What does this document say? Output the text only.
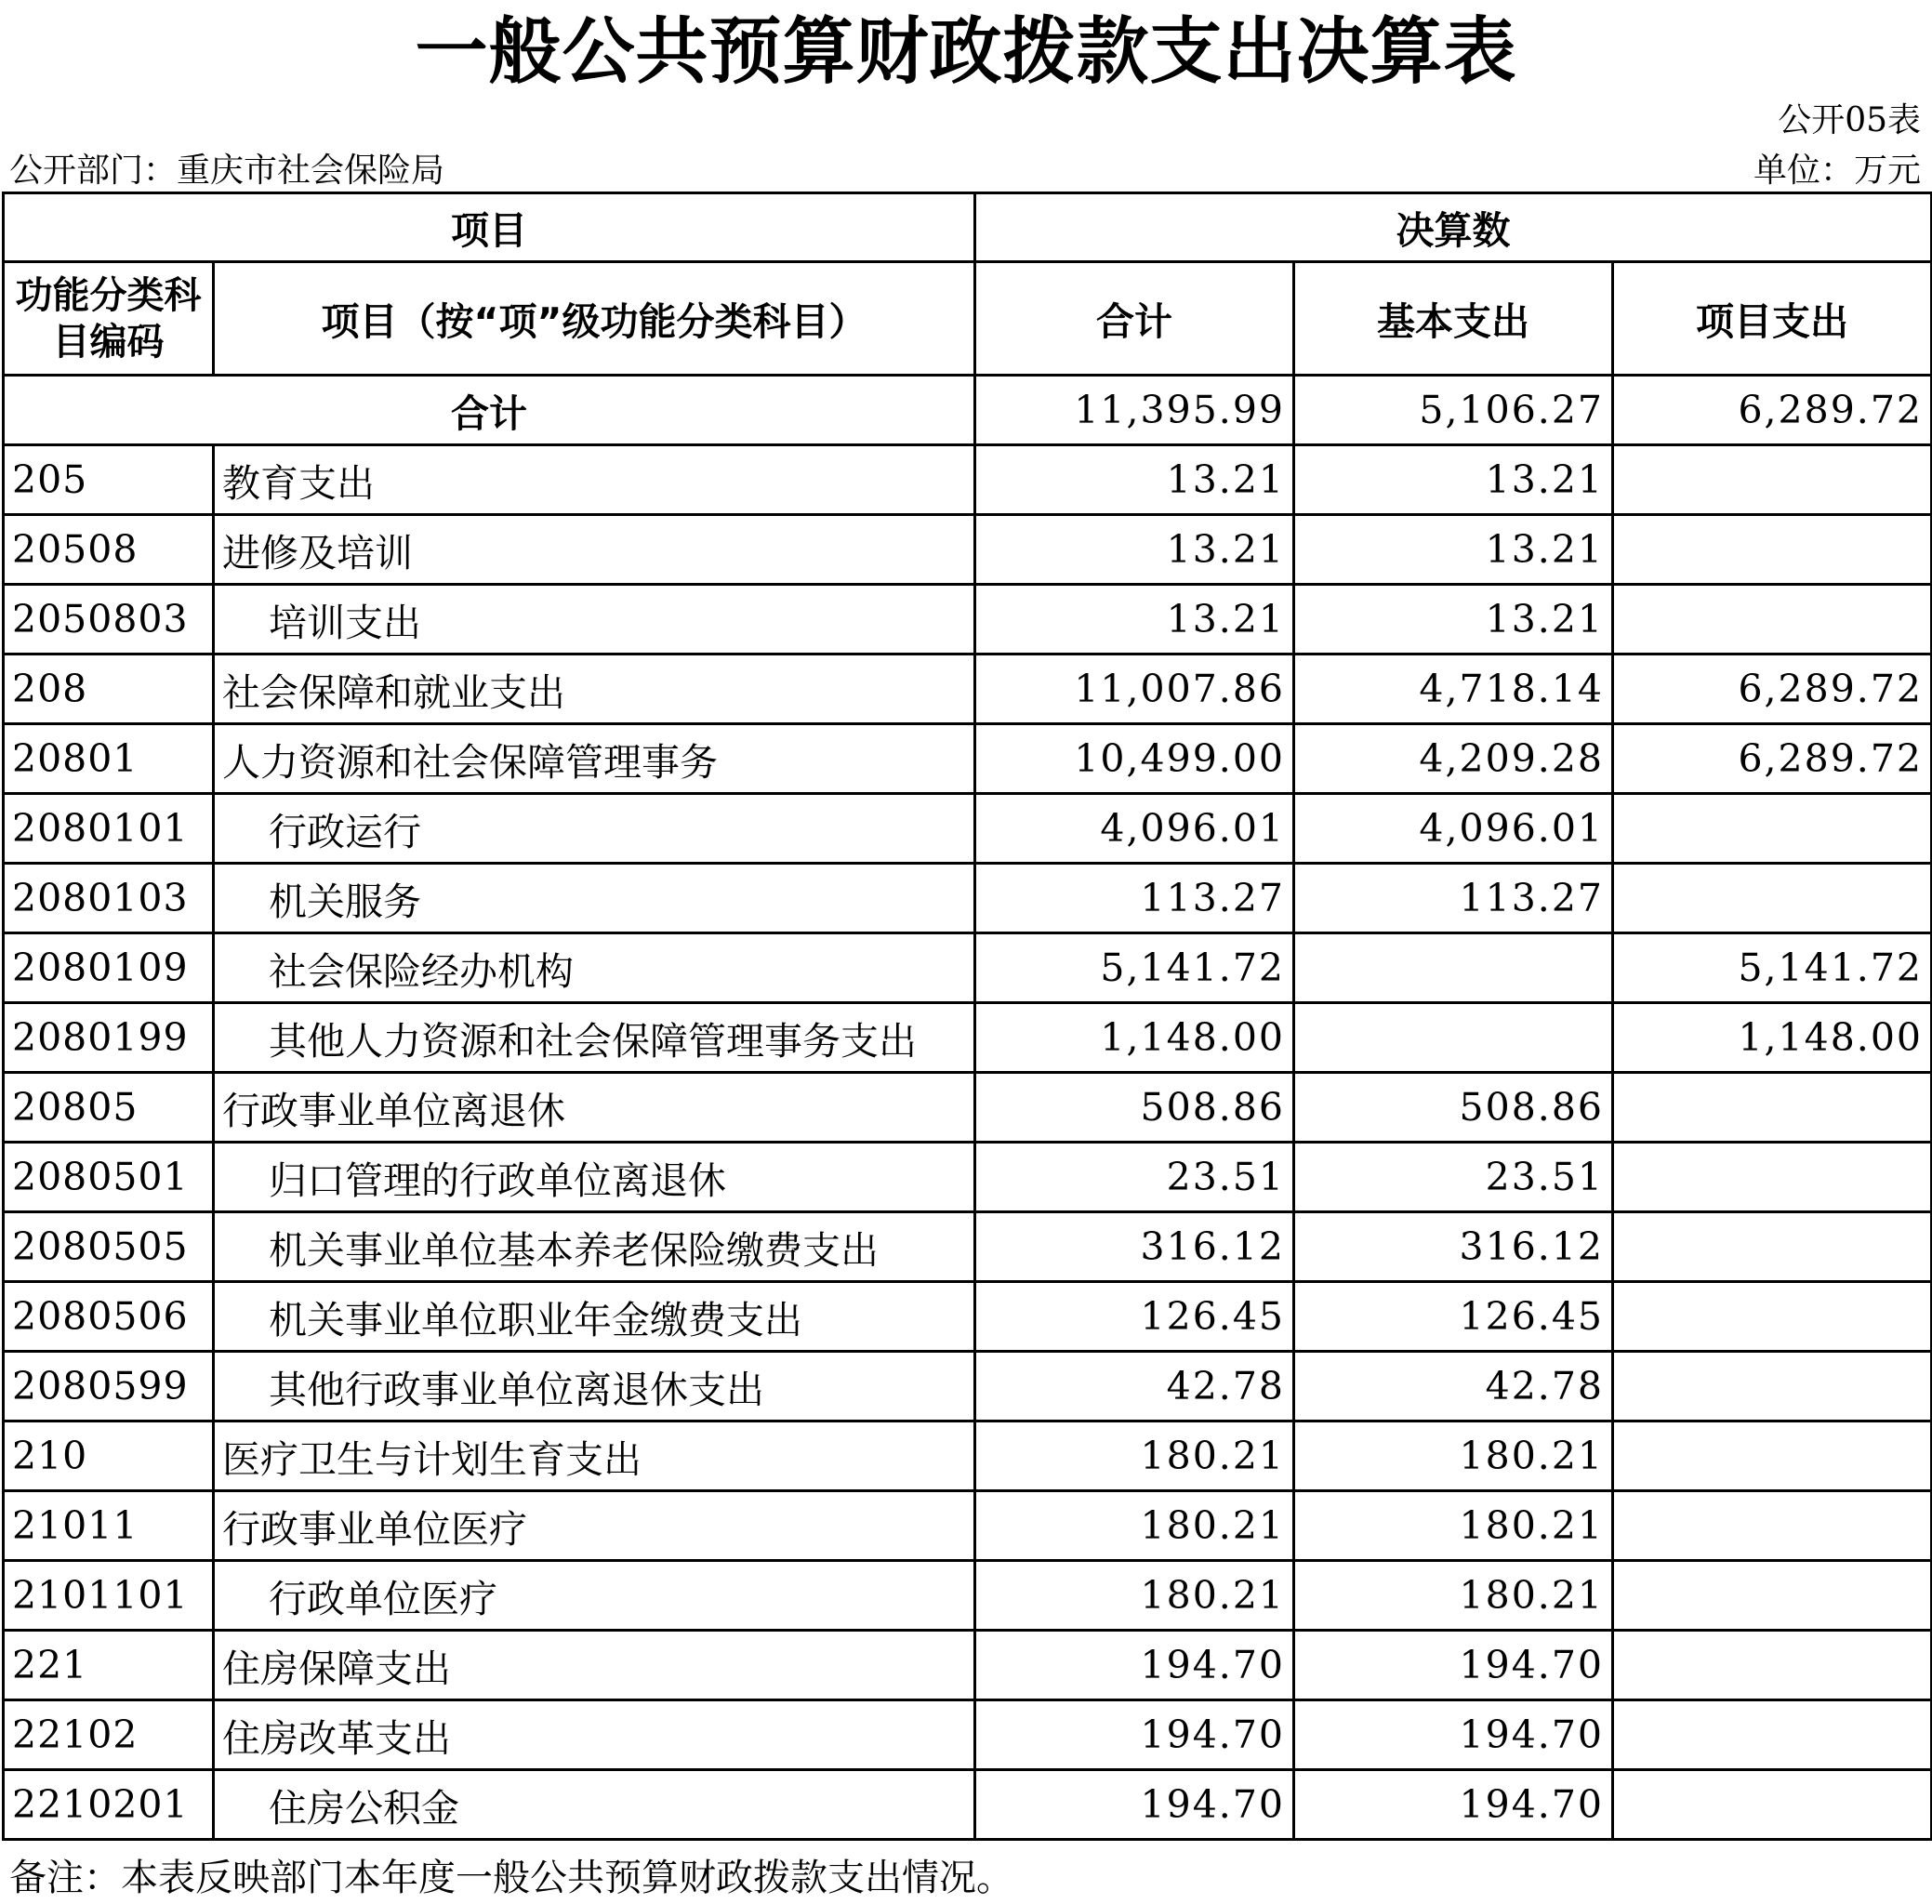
一般公共预算财政拨款支出决算表
公开05表
公开部门：重庆市社会保险局	单位：万元
项目		决算数		
功能分类科目编码	项目（按“项”级功能分类科目）	合计	基本支出	项目支出
合计		11,395.99	5,106.27	6,289.72
205	教育支出	13.21	13.21	
20508	进修及培训	13.21	13.21	
2050803	培训支出	13.21	13.21	
208	社会保障和就业支出	11,007.86	4,718.14	6,289.72
20801	人力资源和社会保障管理事务	10,499.00	4,209.28	6,289.72
2080101	行政运行	4,096.01	4,096.01	
2080103	机关服务	113.27	113.27	
2080109	社会保险经办机构	5,141.72		5,141.72
2080199	其他人力资源和社会保障管理事务支出	1,148.00		1,148.00
20805	行政事业单位离退休	508.86	508.86	
2080501	归口管理的行政单位离退休	23.51	23.51	
2080505	机关事业单位基本养老保险缴费支出	316.12	316.12	
2080506	机关事业单位职业年金缴费支出	126.45	126.45	
2080599	其他行政事业单位离退休支出	42.78	42.78	
210	医疗卫生与计划生育支出	180.21	180.21	
21011	行政事业单位医疗	180.21	180.21	
2101101	行政单位医疗	180.21	180.21	
221	住房保障支出	194.70	194.70	
22102	住房改革支出	194.70	194.70	
2210201	住房公积金	194.70	194.70	
备注：本表反映部门本年度一般公共预算财政拨款支出情况。
